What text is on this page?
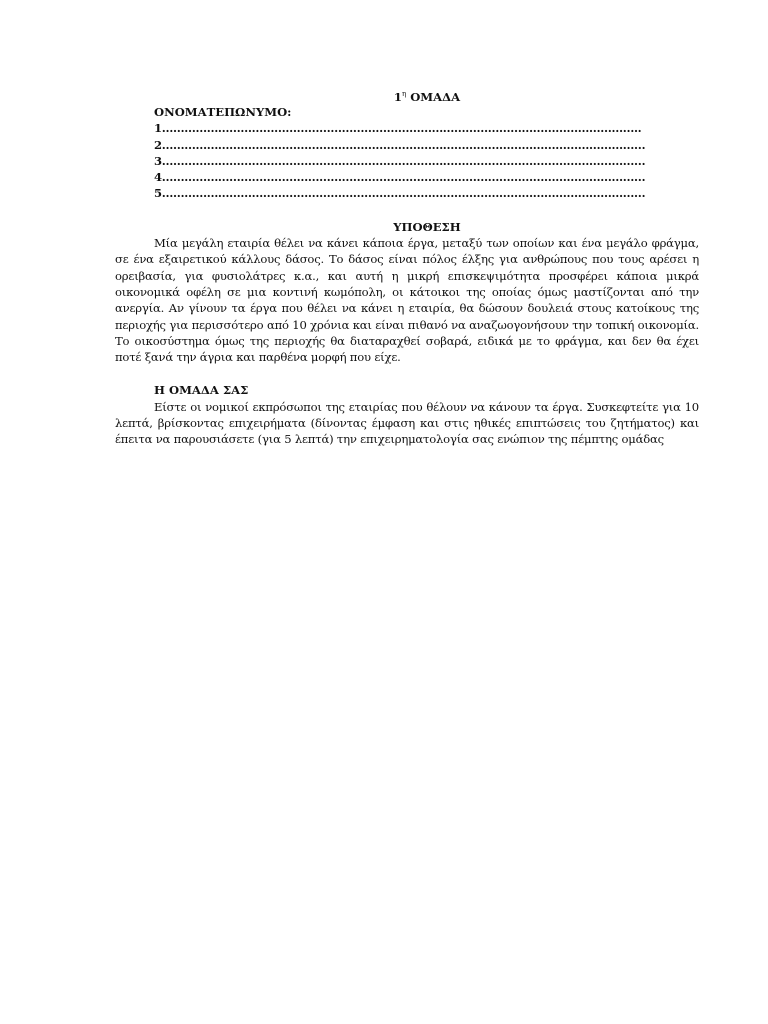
$1^\eta$ ΟΜΑΔΑ
ΟΝΟΜΑΤΕΠΩΝΥΜΟ:
1………………………………………………………………………………………………………………..
2…………………………………………………………………………………………………………………
3…………………………………………………………………………………………………………………
4…………………………………………………………………………………………………………………
5…………………………………………………………………………………………………………………
ΥΠΟΘΕΣΗ
Μία μεγάλη εταιρία θέλει να κάνει κάποια έργα, μεταξύ των οποίων και ένα μεγάλο φράγμα, σε ένα εξαιρετικού κάλλους δάσος. Το δάσος είναι πόλος έλξης για ανθρώπους που τους αρέσει η ορειβασία, για φυσιολάτρες κ.α., και αυτή η μικρή επισκεψιμότητα προσφέρει κάποια μικρά οικονομικά οφέλη σε μια κοντινή κωμόπολη, οι κάτοικοι της οποίας όμως μαστίζονται από την ανεργία. Αν γίνουν τα έργα που θέλει να κάνει η εταιρία, θα δώσουν δουλειά στους κατοίκους της περιοχής για περισσότερο από 10 χρόνια και είναι πιθανό να αναζωογονήσουν την τοπική οικονομία. Το οικοσύστημα όμως της περιοχής θα διαταραχθεί σοβαρά, ειδικά με το φράγμα, και δεν θα έχει ποτέ ξανά την άγρια και παρθένα μορφή που είχε.
Η ΟΜΑΔΑ ΣΑΣ
Είστε οι νομικοί εκπρόσωποι της εταιρίας που θέλουν να κάνουν τα έργα. Συσκεφτείτε για 10 λεπτά, βρίσκοντας επιχειρήματα (δίνοντας έμφαση και στις ηθικές επιπτώσεις του ζητήματος) και έπειτα να παρουσιάσετε (για 5 λεπτά) την επιχειρηματολογία σας ενώπιον της πέμπτης ομάδας
